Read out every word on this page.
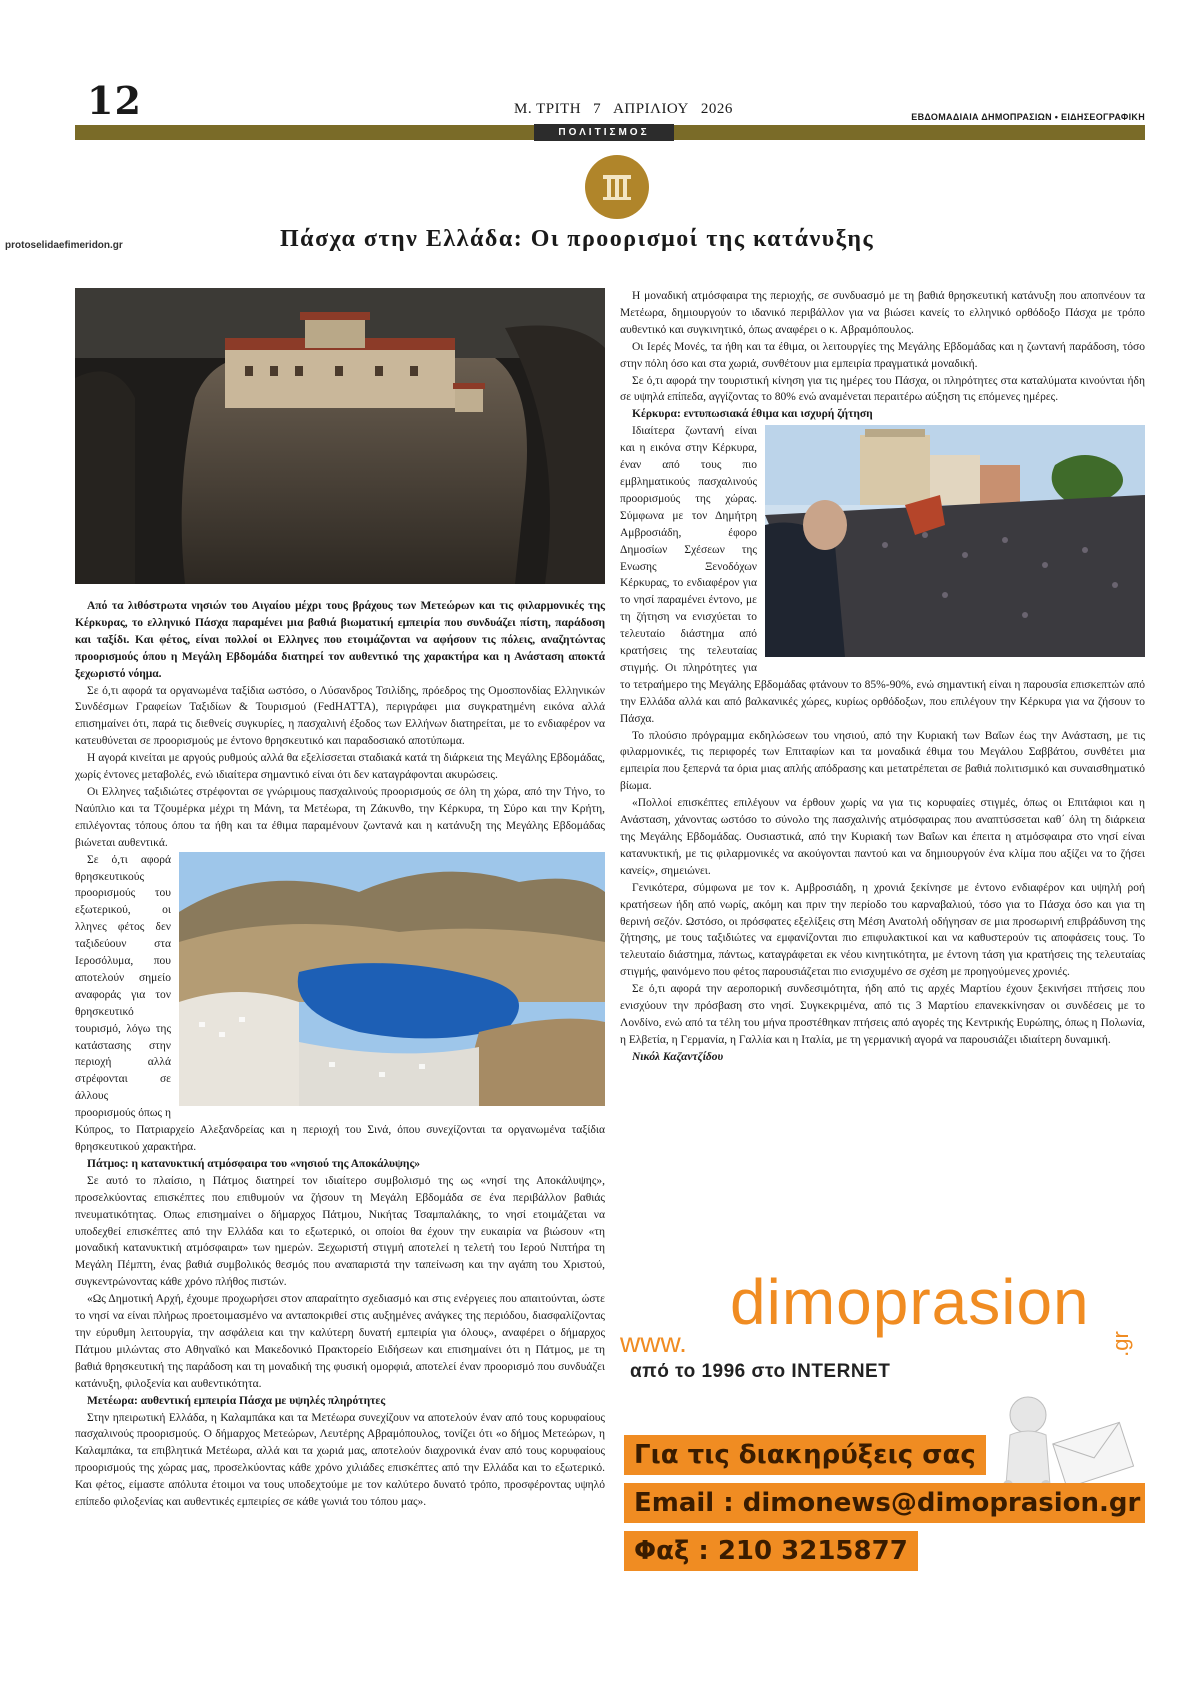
12	Μ. ΤΡΙΤΗ 7 ΑΠΡΙΛΙΟΥ 2026	ΕΒΔΟΜΑΔΙΑΙΑ ΔΗΜΟΠΡΑΣΙΩΝ • ΕΙΔΗΣΕΟΓΡΑΦΙΚΗ
ΠΟΛΙΤΙΣΜΟΣ
protoselidaefimeridon.gr	Πάσχα στην Ελλάδα: Οι προορισμοί της κατάνυξης

Από τα λιθόστρωτα νησιών του Αιγαίου μέχρι τους βράχους των Μετεώρων και τις φιλαρμονικές της Κέρκυρας, το ελληνικό Πάσχα παραμένει μια βαθιά βιωματική εμπειρία που συνδυάζει πίστη, παράδοση και ταξίδι. Και φέτος, είναι πολλοί οι Ελληνες που ετοιμάζονται να αφήσουν τις πόλεις, αναζητώντας προορισμούς όπου η Μεγάλη Εβδομάδα διατηρεί τον αυθεντικό της χαρακτήρα και η Ανάσταση αποκτά ξεχωριστό νόημα.

Σε ό,τι αφορά τα οργανωμένα ταξίδια ωστόσο, ο Λύσανδρος Τσιλίδης, πρόεδρος της Ομοσπονδίας Ελληνικών Συνδέσμων Γραφείων Ταξιδίων & Τουρισμού (FedHATTA), περιγράφει μια συγκρατημένη εικόνα αλλά επισημαίνει ότι, παρά τις διεθνείς συγκυρίες, η πασχαλινή έξοδος των Ελλήνων διατηρείται, με το ενδιαφέρον να κατευθύνεται σε προορισμούς με έντονο θρησκευτικό και παραδοσιακό αποτύπωμα.

Η αγορά κινείται με αργούς ρυθμούς αλλά θα εξελίσσεται σταδιακά κατά τη διάρκεια της Μεγάλης Εβδομάδας, χωρίς έντονες μεταβολές, ενώ ιδιαίτερα σημαντικό είναι ότι δεν καταγράφονται ακυρώσεις.

Οι Ελληνες ταξιδιώτες στρέφονται σε γνώριμους πασχαλινούς προορισμούς σε όλη τη χώρα, από την Τήνο, το Ναύπλιο και τα Τζουμέρκα μέχρι τη Μάνη, τα Μετέωρα, τη Ζάκυνθο, την Κέρκυρα, τη Σύρο και την Κρήτη, επιλέγοντας τόπους όπου τα ήθη και τα έθιμα παραμένουν ζωντανά και η κατάνυξη της Μεγάλης Εβδομάδας βιώνεται αυθεντικά.

Σε ό,τι αφορά θρησκευτικούς προορισμούς του εξωτερικού, οι λληνες φέτος δεν ταξιδεύουν στα Ιεροσόλυμα, που αποτελούν σημείο αναφοράς για τον θρησκευτικό τουρισμό, λόγω της κατάστασης στην περιοχή αλλά στρέφονται σε άλλους προορισμούς όπως η Κύπρος, το Πατριαρχείο Αλεξανδρείας και η περιοχή του Σινά, όπου συνεχίζονται τα οργανωμένα ταξίδια θρησκευτικού χαρακτήρα.

Πάτμος: η κατανυκτική ατμόσφαιρα του «νησιού της Αποκάλυψης»

Σε αυτό το πλαίσιο, η Πάτμος διατηρεί τον ιδιαίτερο συμβολισμό της ως «νησί της Αποκάλυψης», προσελκύοντας επισκέπτες που επιθυμούν να ζήσουν τη Μεγάλη Εβδομάδα σε ένα περιβάλλον βαθιάς πνευματικότητας. Οπως επισημαίνει ο δήμαρχος Πάτμου, Νικήτας Τσαμπαλάκης, το νησί ετοιμάζεται να υποδεχθεί επισκέπτες από την Ελλάδα και το εξωτερικό, οι οποίοι θα έχουν την ευκαιρία να βιώσουν «τη μοναδική κατανυκτική ατμόσφαιρα» των ημερών. Ξεχωριστή στιγμή αποτελεί η τελετή του Ιερού Νιπτήρα τη Μεγάλη Πέμπτη, ένας βαθιά συμβολικός θεσμός που αναπαριστά την ταπείνωση και την αγάπη του Χριστού, συγκεντρώνοντας κάθε χρόνο πλήθος πιστών.

«Ως Δημοτική Αρχή, έχουμε προχωρήσει στον απαραίτητο σχεδιασμό και στις ενέργειες που απαιτούνται, ώστε το νησί να είναι πλήρως προετοιμασμένο να ανταποκριθεί στις αυξημένες ανάγκες της περιόδου, διασφαλίζοντας την εύρυθμη λειτουργία, την ασφάλεια και την καλύτερη δυνατή εμπειρία για όλους», αναφέρει ο δήμαρχος Πάτμου μιλώντας στο Αθηναϊκό και Μακεδονικό Πρακτορείο Ειδήσεων και επισημαίνει ότι η Πάτμος, με τη βαθιά θρησκευτική της παράδοση και τη μοναδική της φυσική ομορφιά, αποτελεί έναν προορισμό που συνδυάζει κατάνυξη, φιλοξενία και αυθεντικότητα.

Μετέωρα: αυθεντική εμπειρία Πάσχα με υψηλές πληρότητες

Στην ηπειρωτική Ελλάδα, η Καλαμπάκα και τα Μετέωρα συνεχίζουν να αποτελούν έναν από τους κορυφαίους πασχαλινούς προορισμούς. Ο δήμαρχος Μετεώρων, Λευτέρης Αβραμόπουλος, τονίζει ότι «ο δήμος Μετεώρων, η Καλαμπάκα, τα επιβλητικά Μετέωρα, αλλά και τα χωριά μας, αποτελούν διαχρονικά έναν από τους κορυφαίους προορισμούς της χώρας μας, προσελκύοντας κάθε χρόνο χιλιάδες επισκέπτες από την Ελλάδα και το εξωτερικό. Και φέτος, είμαστε απόλυτα έτοιμοι να τους υποδεχτούμε με τον καλύτερο δυνατό τρόπο, προσφέροντας υψηλό επίπεδο φιλοξενίας και αυθεντικές εμπειρίες σε κάθε γωνιά του τόπου μας».

Η μοναδική ατμόσφαιρα της περιοχής, σε συνδυασμό με τη βαθιά θρησκευτική κατάνυξη που αποπνέουν τα Μετέωρα, δημιουργούν το ιδανικό περιβάλλον για να βιώσει κανείς το ελληνικό ορθόδοξο Πάσχα με τρόπο αυθεντικό και συγκινητικό, όπως αναφέρει ο κ. Αβραμόπουλος.

Οι Ιερές Μονές, τα ήθη και τα έθιμα, οι λειτουργίες της Μεγάλης Εβδομάδας και η ζωντανή παράδοση, τόσο στην πόλη όσο και στα χωριά, συνθέτουν μια εμπειρία πραγματικά μοναδική.

Σε ό,τι αφορά την τουριστική κίνηση για τις ημέρες του Πάσχα, οι πληρότητες στα καταλύματα κινούνται ήδη σε υψηλά επίπεδα, αγγίζοντας το 80% ενώ αναμένεται περαιτέρω αύξηση τις επόμενες ημέρες.

Κέρκυρα: εντυπωσιακά έθιμα και ισχυρή ζήτηση

Ιδιαίτερα ζωντανή είναι και η εικόνα στην Κέρκυρα, έναν από τους πιο εμβληματικούς πασχαλινούς προορισμούς της χώρας. Σύμφωνα με τον Δημήτρη Αμβροσιάδη, έφορο Δημοσίων Σχέσεων της Ενωσης Ξενοδόχων Κέρκυρας, το ενδιαφέρον για το νησί παραμένει έντονο, με τη ζήτηση να ενισχύεται το τελευταίο διάστημα από κρατήσεις της τελευταίας στιγμής. Οι πληρότητες για το τετραήμερο της Μεγάλης Εβδομάδας φτάνουν το 85%-90%, ενώ σημαντική είναι η παρουσία επισκεπτών από την Ελλάδα αλλά και από βαλκανικές χώρες, κυρίως ορθόδοξων, που επιλέγουν την Κέρκυρα για να ζήσουν το Πάσχα.

Το πλούσιο πρόγραμμα εκδηλώσεων του νησιού, από την Κυριακή των Βαΐων έως την Ανάσταση, με τις φιλαρμονικές, τις περιφορές των Επιταφίων και τα μοναδικά έθιμα του Μεγάλου Σαββάτου, συνθέτει μια εμπειρία που ξεπερνά τα όρια μιας απλής απόδρασης και μετατρέπεται σε βαθιά πολιτισμικό και συναισθηματικό βίωμα.

«Πολλοί επισκέπτες επιλέγουν να έρθουν χωρίς να για τις κορυφαίες στιγμές, όπως οι Επιτάφιοι και η Ανάσταση, χάνοντας ωστόσο το σύνολο της πασχαλινής ατμόσφαιρας που αναπτύσσεται καθ΄ όλη τη διάρκεια της Μεγάλης Εβδομάδας. Ουσιαστικά, από την Κυριακή των Βαΐων και έπειτα η ατμόσφαιρα στο νησί είναι κατανυκτική, με τις φιλαρμονικές να ακούγονται παντού και να δημιουργούν ένα κλίμα που αξίζει να το ζήσει κανείς», σημειώνει.

Γενικότερα, σύμφωνα με τον κ. Αμβροσιάδη, η χρονιά ξεκίνησε με έντονο ενδιαφέρον και υψηλή ροή κρατήσεων ήδη από νωρίς, ακόμη και πριν την περίοδο του καρναβαλιού, τόσο για το Πάσχα όσο και για τη θερινή σεζόν. Ωστόσο, οι πρόσφατες εξελίξεις στη Μέση Ανατολή οδήγησαν σε μια προσωρινή επιβράδυνση της ζήτησης, με τους ταξιδιώτες να εμφανίζονται πιο επιφυλακτικοί και να καθυστερούν τις αποφάσεις τους. Το τελευταίο διάστημα, πάντως, καταγράφεται εκ νέου κινητικότητα, με έντονη τάση για κρατήσεις της τελευταίας στιγμής, φαινόμενο που φέτος παρουσιάζεται πιο ενισχυμένο σε σχέση με προηγούμενες χρονιές.

Σε ό,τι αφορά την αεροπορική συνδεσιμότητα, ήδη από τις αρχές Μαρτίου έχουν ξεκινήσει πτήσεις που ενισχύουν την πρόσβαση στο νησί. Συγκεκριμένα, από τις 3 Μαρτίου επανεκκίνησαν οι συνδέσεις με το Λονδίνο, ενώ από τα τέλη του μήνα προστέθηκαν πτήσεις από αγορές της Κεντρικής Ευρώπης, όπως η Πολωνία, η Ελβετία, η Γερμανία, η Γαλλία και η Ιταλία, με τη γερμανική αγορά να παρουσιάζει ιδιαίτερη δυναμική.

Νικόλ Καζαντζίδου

www.
dimoprasion
.gr
από το 1996 στο INTERNET
Για τις διακηρύξεις σας
Email : dimonews@dimoprasion.gr
Φαξ : 210 3215877
